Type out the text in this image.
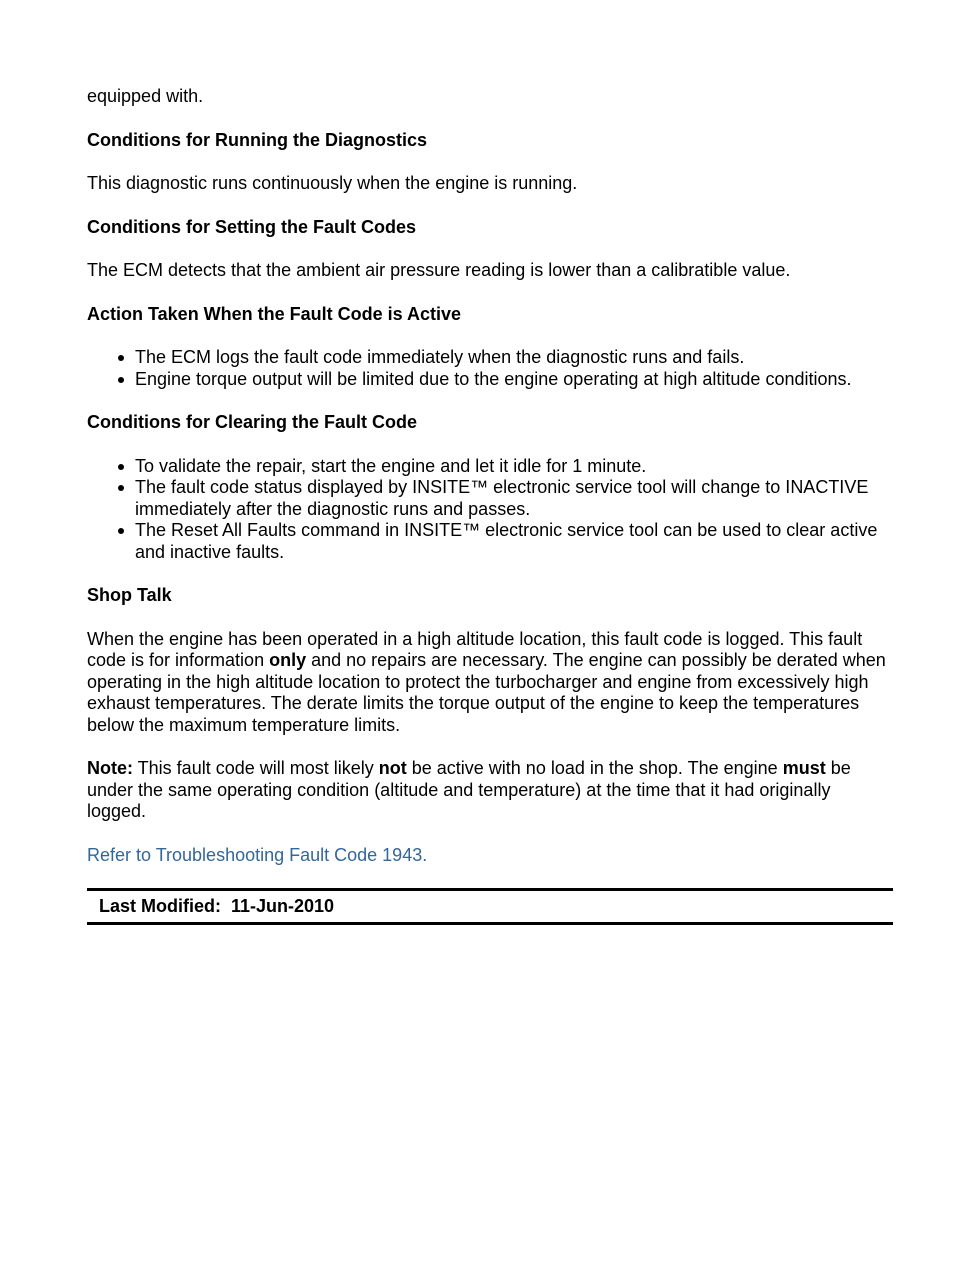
equipped with.

Conditions for Running the Diagnostics

This diagnostic runs continuously when the engine is running.

Conditions for Setting the Fault Codes

The ECM detects that the ambient air pressure reading is lower than a calibratible value.

Action Taken When the Fault Code is Active
The ECM logs the fault code immediately when the diagnostic runs and fails.
Engine torque output will be limited due to the engine operating at high altitude conditions.
Conditions for Clearing the Fault Code
To validate the repair, start the engine and let it idle for 1 minute.
The fault code status displayed by INSITE™ electronic service tool will change to INACTIVE immediately after the diagnostic runs and passes.
The Reset All Faults command in INSITE™ electronic service tool can be used to clear active and inactive faults.
Shop Talk

When the engine has been operated in a high altitude location, this fault code is logged. This fault code is for information only and no repairs are necessary. The engine can possibly be derated when operating in the high altitude location to protect the turbocharger and engine from excessively high exhaust temperatures. The derate limits the torque output of the engine to keep the temperatures below the maximum temperature limits.

Note: This fault code will most likely not be active with no load in the shop. The engine must be under the same operating condition (altitude and temperature) at the time that it had originally logged.

Refer to Troubleshooting Fault Code 1943.

Last Modified:  11-Jun-2010
